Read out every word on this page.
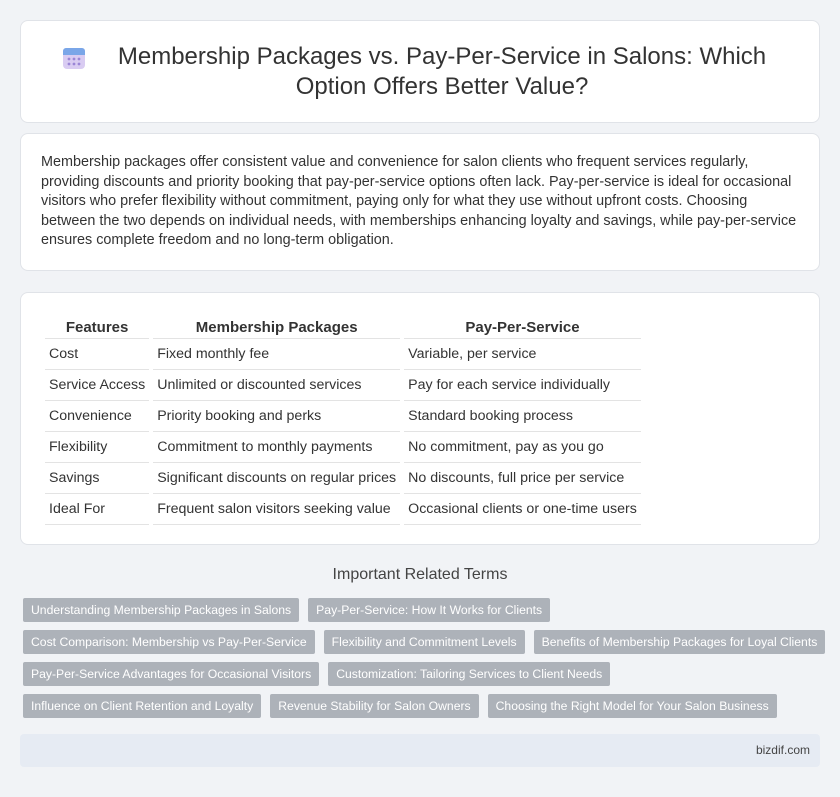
Membership Packages vs. Pay-Per-Service in Salons: Which Option Offers Better Value?

Membership packages offer consistent value and convenience for salon clients who frequent services regularly, providing discounts and priority booking that pay-per-service options often lack. Pay-per-service is ideal for occasional visitors who prefer flexibility without commitment, paying only for what they use without upfront costs. Choosing between the two depends on individual needs, with memberships enhancing loyalty and savings, while pay-per-service ensures complete freedom and no long-term obligation.

Features	Membership Packages	Pay-Per-Service
Cost	Fixed monthly fee	Variable, per service
Service Access	Unlimited or discounted services	Pay for each service individually
Convenience	Priority booking and perks	Standard booking process
Flexibility	Commitment to monthly payments	No commitment, pay as you go
Savings	Significant discounts on regular prices	No discounts, full price per service
Ideal For	Frequent salon visitors seeking value	Occasional clients or one-time users
Important Related Terms
Understanding Membership Packages in Salons	Pay-Per-Service: How It Works for Clients
Cost Comparison: Membership vs Pay-Per-Service	Flexibility and Commitment Levels	Benefits of Membership Packages for Loyal Clients
Pay-Per-Service Advantages for Occasional Visitors	Customization: Tailoring Services to Client Needs
Influence on Client Retention and Loyalty	Revenue Stability for Salon Owners	Choosing the Right Model for Your Salon Business
bizdif.com
